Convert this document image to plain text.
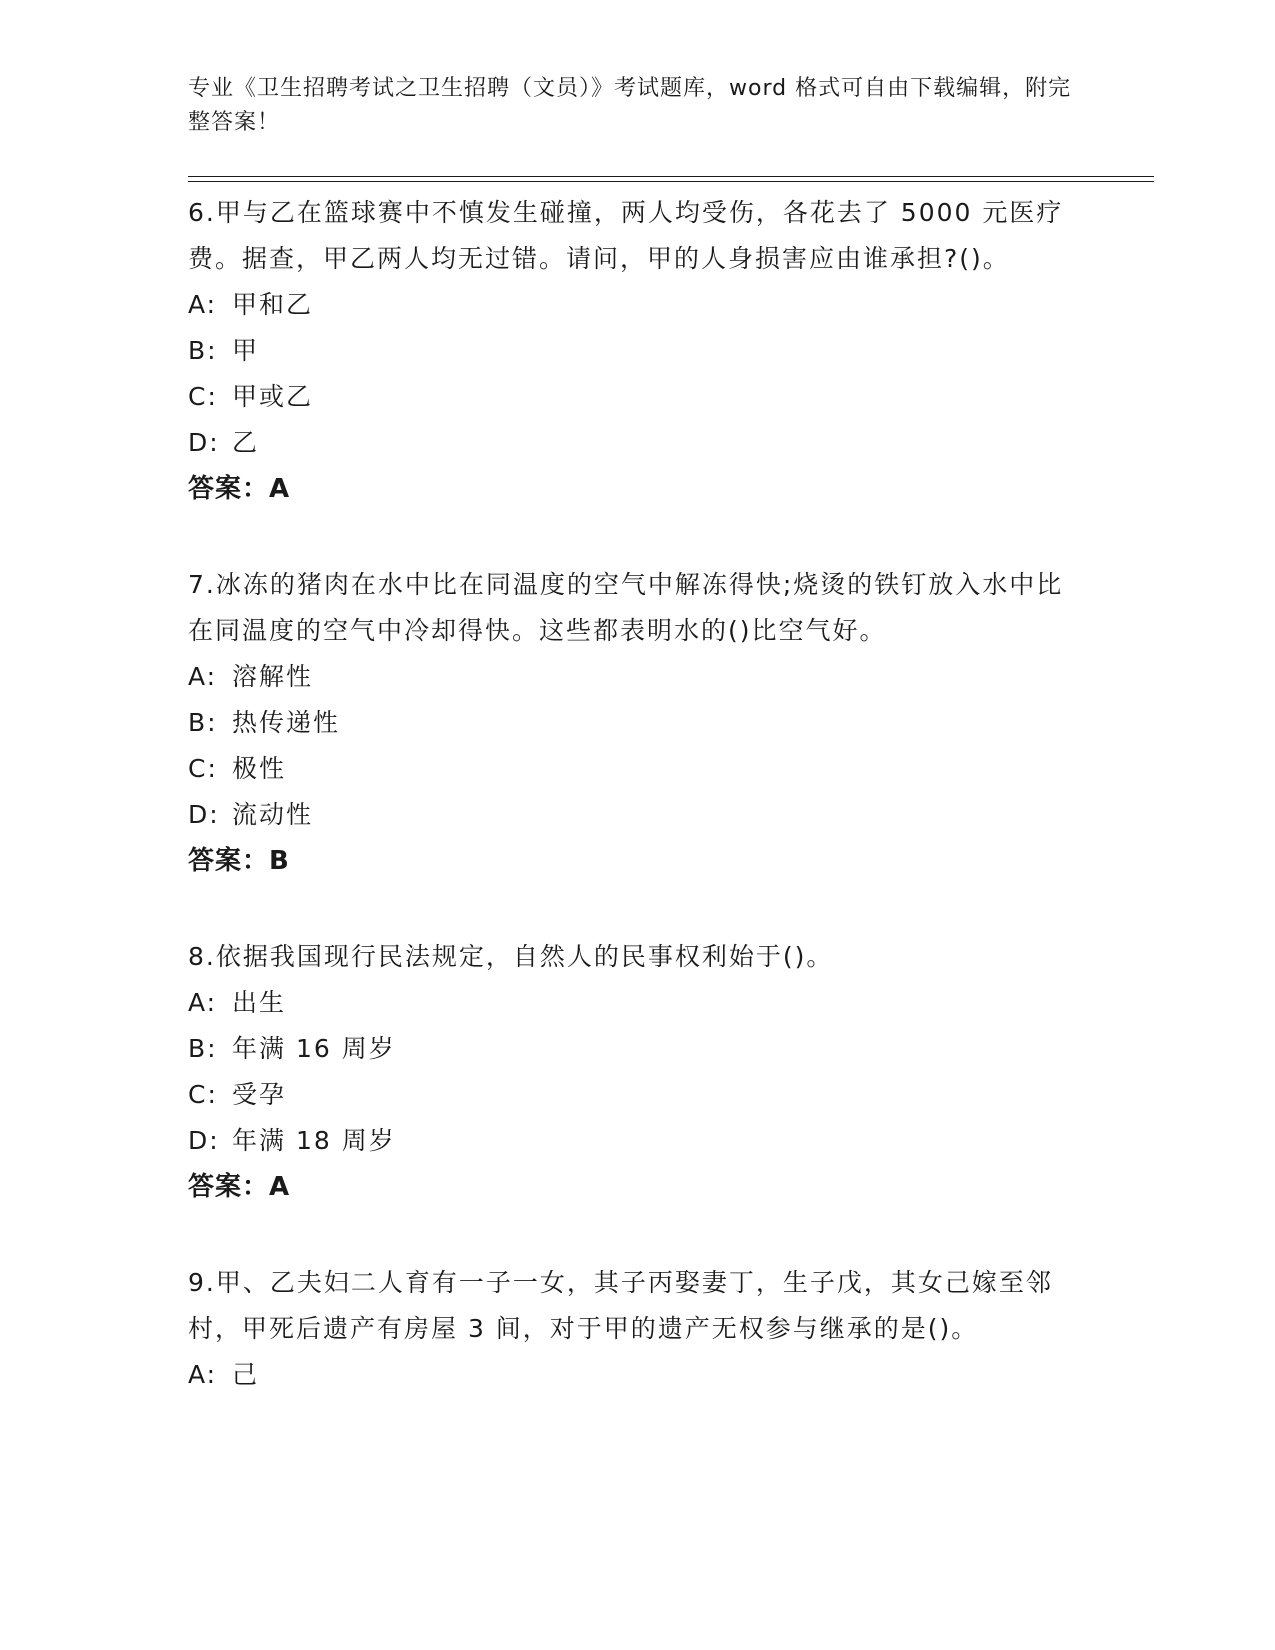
专业《卫生招聘考试之卫生招聘（文员）》考试题库，word 格式可自由下载编辑，附完整答案！

6.甲与乙在篮球赛中不慎发生碰撞，两人均受伤，各花去了 5000 元医疗费。据查，甲乙两人均无过错。请问，甲的人身损害应由谁承担?()。

A: 甲和乙

B: 甲

C: 甲或乙

D: 乙

答案：A

7.冰冻的猪肉在水中比在同温度的空气中解冻得快;烧烫的铁钉放入水中比在同温度的空气中冷却得快。这些都表明水的()比空气好。

A: 溶解性

B: 热传递性

C: 极性

D: 流动性

答案：B

8.依据我国现行民法规定，自然人的民事权利始于()。

A: 出生

B: 年满 16 周岁

C: 受孕

D: 年满 18 周岁

答案：A

9.甲、乙夫妇二人育有一子一女，其子丙娶妻丁，生子戊，其女己嫁至邻村，甲死后遗产有房屋 3 间，对于甲的遗产无权参与继承的是()。

A: 己
